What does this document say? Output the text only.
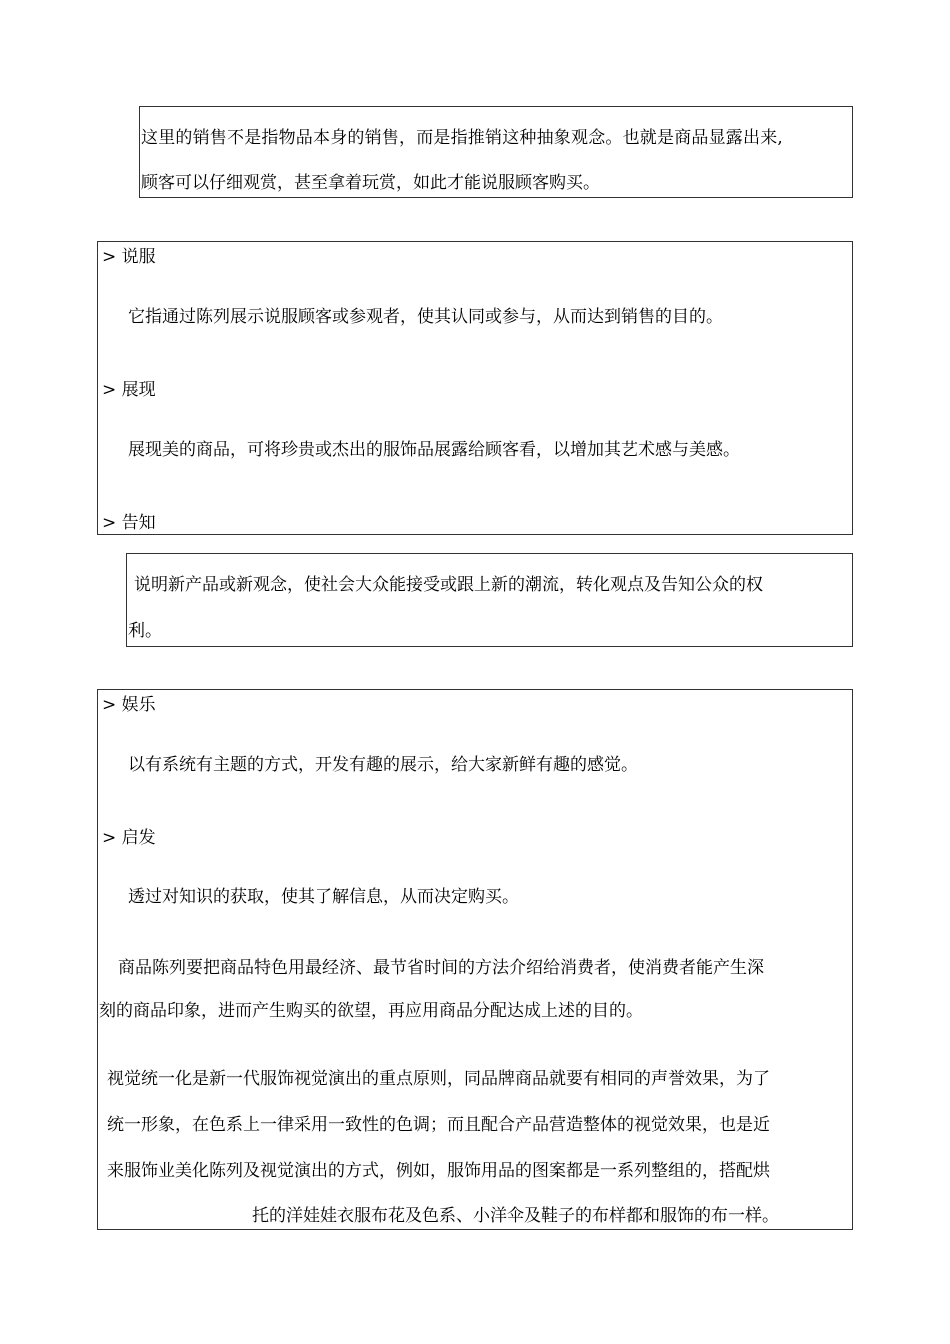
这里的销售不是指物品本身的销售，而是指推销这种抽象观念。也就是商品显露出来,
顾客可以仔细观赏，甚至拿着玩赏，如此才能说服顾客购买。
> 说服
它指通过陈列展示说服顾客或参观者，使其认同或参与，从而达到销售的目的。
> 展现
展现美的商品，可将珍贵或杰出的服饰品展露给顾客看，以增加其艺术感与美感。
> 告知
说明新产品或新观念，使社会大众能接受或跟上新的潮流，转化观点及告知公众的权
利。
> 娱乐
以有系统有主题的方式，开发有趣的展示，给大家新鲜有趣的感觉。
> 启发
透过对知识的获取，使其了解信息，从而决定购买。
商品陈列要把商品特色用最经济、最节省时间的方法介绍给消费者，使消费者能产生深
刻的商品印象，进而产生购买的欲望，再应用商品分配达成上述的目的。
视觉统一化是新一代服饰视觉演出的重点原则，同品牌商品就要有相同的声誉效果，为了
统一形象，在色系上一律采用一致性的色调；而且配合产品营造整体的视觉效果，也是近
来服饰业美化陈列及视觉演出的方式，例如，服饰用品的图案都是一系列整组的，搭配烘
托的洋娃娃衣服布花及色系、小洋伞及鞋子的布样都和服饰的布一样。
